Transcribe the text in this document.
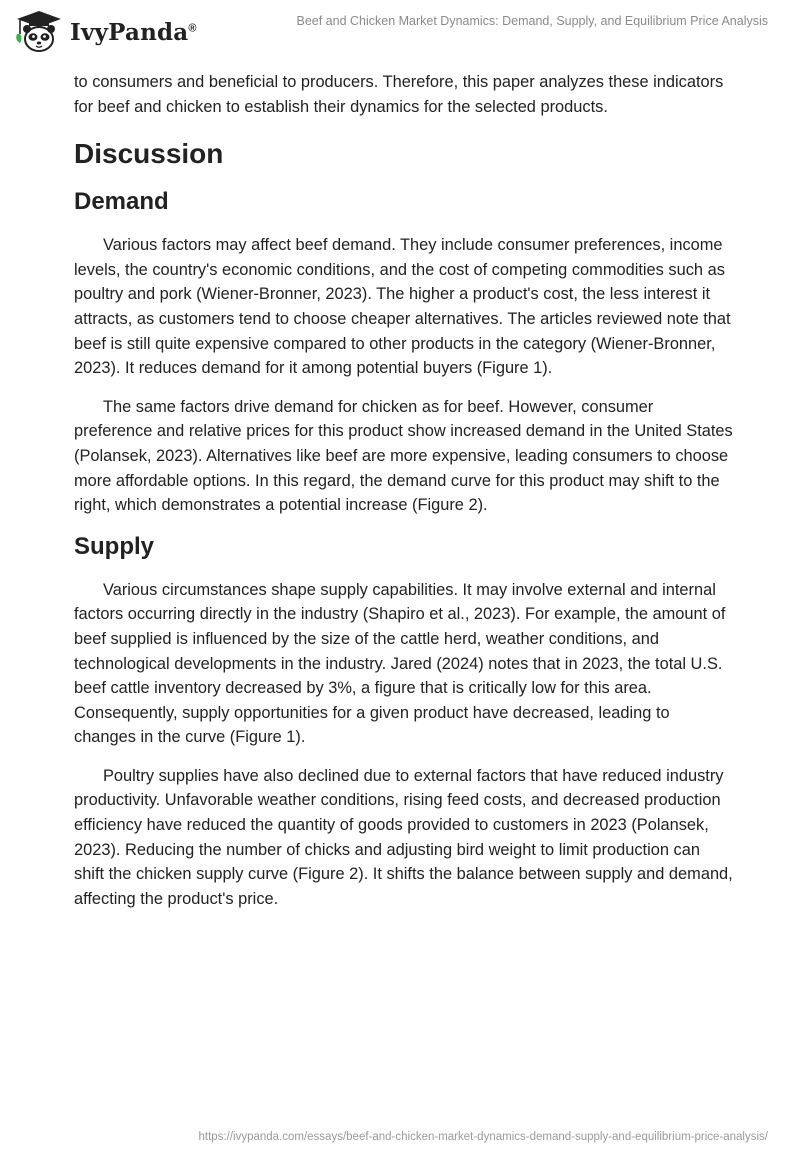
IvyPanda®	Beef and Chicken Market Dynamics: Demand, Supply, and Equilibrium Price Analysis

to consumers and beneficial to producers. Therefore, this paper analyzes these indicators for beef and chicken to establish their dynamics for the selected products.

Discussion
Demand

Various factors may affect beef demand. They include consumer preferences, income levels, the country's economic conditions, and the cost of competing commodities such as poultry and pork (Wiener-Bronner, 2023). The higher a product's cost, the less interest it attracts, as customers tend to choose cheaper alternatives. The articles reviewed note that beef is still quite expensive compared to other products in the category (Wiener-Bronner, 2023). It reduces demand for it among potential buyers (Figure 1).

The same factors drive demand for chicken as for beef. However, consumer preference and relative prices for this product show increased demand in the United States (Polansek, 2023). Alternatives like beef are more expensive, leading consumers to choose more affordable options. In this regard, the demand curve for this product may shift to the right, which demonstrates a potential increase (Figure 2).

Supply

Various circumstances shape supply capabilities. It may involve external and internal factors occurring directly in the industry (Shapiro et al., 2023). For example, the amount of beef supplied is influenced by the size of the cattle herd, weather conditions, and technological developments in the industry. Jared (2024) notes that in 2023, the total U.S. beef cattle inventory decreased by 3%, a figure that is critically low for this area. Consequently, supply opportunities for a given product have decreased, leading to changes in the curve (Figure 1).

Poultry supplies have also declined due to external factors that have reduced industry productivity. Unfavorable weather conditions, rising feed costs, and decreased production efficiency have reduced the quantity of goods provided to customers in 2023 (Polansek, 2023). Reducing the number of chicks and adjusting bird weight to limit production can shift the chicken supply curve (Figure 2). It shifts the balance between supply and demand, affecting the product's price.

https://ivypanda.com/essays/beef-and-chicken-market-dynamics-demand-supply-and-equilibrium-price-analysis/
